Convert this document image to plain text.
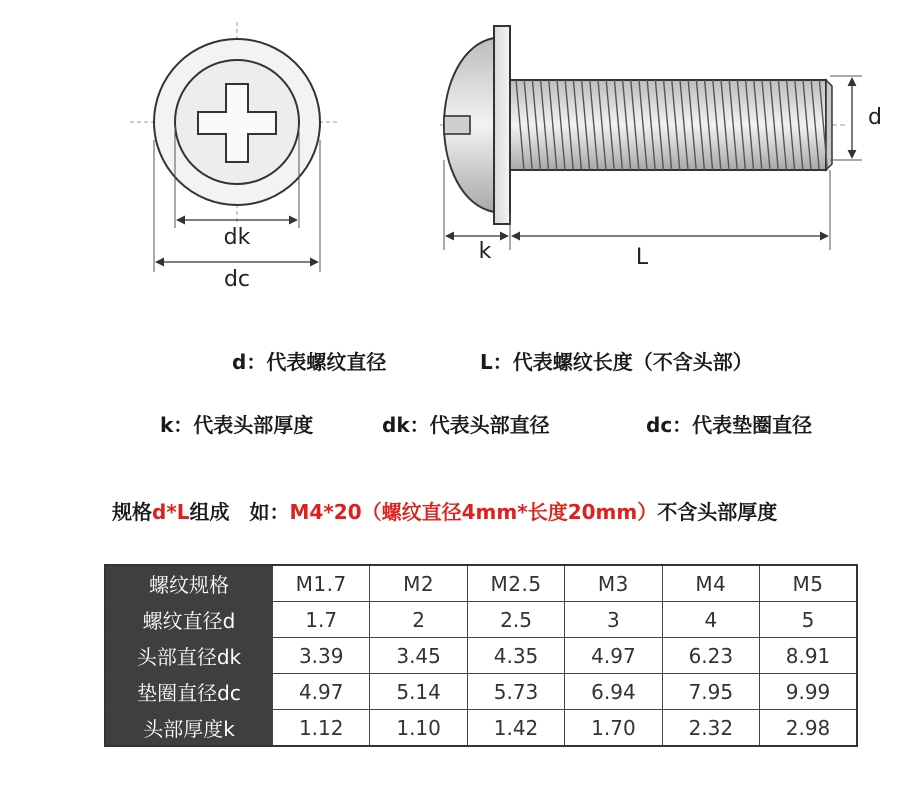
dk
dc
d
k	L
d：代表螺纹直径	L：代表螺纹长度（不含头部）
k：代表头部厚度	dk：代表头部直径	dc：代表垫圈直径
规格d*L组成　如：M4*20（螺纹直径4mm*长度20mm）不含头部厚度
螺纹规格	M1.7	M2	M2.5	M3	M4	M5
螺纹直径d	1.7	2	2.5	3	4	5
头部直径dk	3.39	3.45	4.35	4.97	6.23	8.91
垫圈直径dc	4.97	5.14	5.73	6.94	7.95	9.99
头部厚度k	1.12	1.10	1.42	1.70	2.32	2.98
